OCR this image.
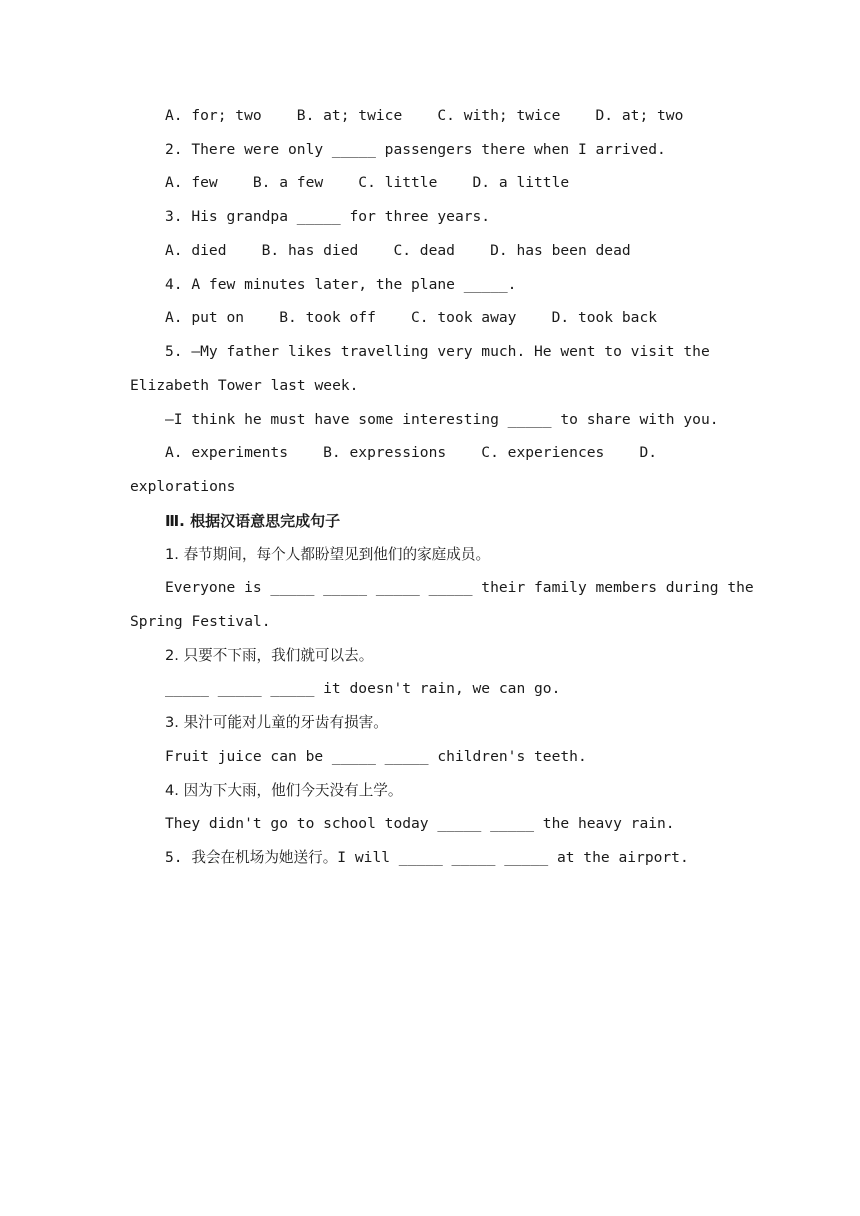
A. for; two    B. at; twice    C. with; twice    D. at; two
2. There were only _____ passengers there when I arrived.
A. few    B. a few    C. little    D. a little
3. His grandpa _____ for three years.
A. died    B. has died    C. dead    D. has been dead
4. A few minutes later, the plane _____.
A. put on    B. took off    C. took away    D. took back
5. —My father likes travelling very much. He went to visit the
Elizabeth Tower last week.
—I think he must have some interesting _____ to share with you.
A. experiments    B. expressions    C. experiences    D.
explorations
Ⅲ. 根据汉语意思完成句子
1. 春节期间，每个人都盼望见到他们的家庭成员。
Everyone is _____ _____ _____ _____ their family members during the
Spring Festival.
2. 只要不下雨，我们就可以去。
_____ _____ _____ it doesn't rain, we can go.
3. 果汁可能对儿童的牙齿有损害。
Fruit juice can be _____ _____ children's teeth.
4. 因为下大雨，他们今天没有上学。
They didn't go to school today _____ _____ the heavy rain.
5. 我会在机场为她送行。I will _____ _____ _____ at the airport.
